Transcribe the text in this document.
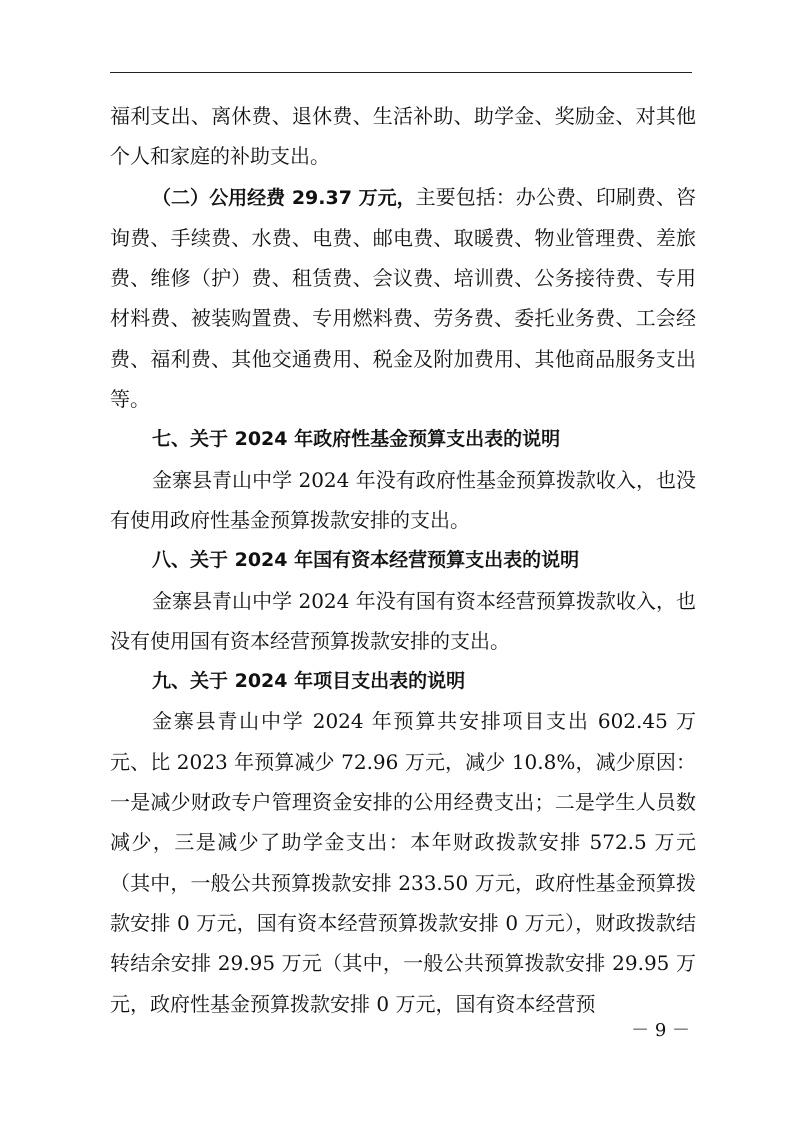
福利支出、离休费、退休费、生活补助、助学金、奖励金、对其他个人和家庭的补助支出。

（二）公用经费 29.37 万元，主要包括：办公费、印刷费、咨询费、手续费、水费、电费、邮电费、取暖费、物业管理费、差旅费、维修（护）费、租赁费、会议费、培训费、公务接待费、专用材料费、被装购置费、专用燃料费、劳务费、委托业务费、工会经费、福利费、其他交通费用、税金及附加费用、其他商品服务支出等。

七、关于 2024 年政府性基金预算支出表的说明

金寨县青山中学 2024 年没有政府性基金预算拨款收入，也没有使用政府性基金预算拨款安排的支出。

八、关于 2024 年国有资本经营预算支出表的说明

金寨县青山中学 2024 年没有国有资本经营预算拨款收入，也没有使用国有资本经营预算拨款安排的支出。

九、关于 2024 年项目支出表的说明

金寨县青山中学 2024 年预算共安排项目支出 602.45 万元、比 2023 年预算减少 72.96 万元，减少 10.8%，减少原因：一是减少财政专户管理资金安排的公用经费支出；二是学生人员数减少，三是减少了助学金支出：本年财政拨款安排 572.5 万元（其中，一般公共预算拨款安排 233.50 万元，政府性基金预算拨款安排 0 万元，国有资本经营预算拨款安排 0 万元），财政拨款结转结余安排 29.95 万元（其中，一般公共预算拨款安排 29.95 万元，政府性基金预算拨款安排 0 万元，国有资本经营预

－ 9 －
